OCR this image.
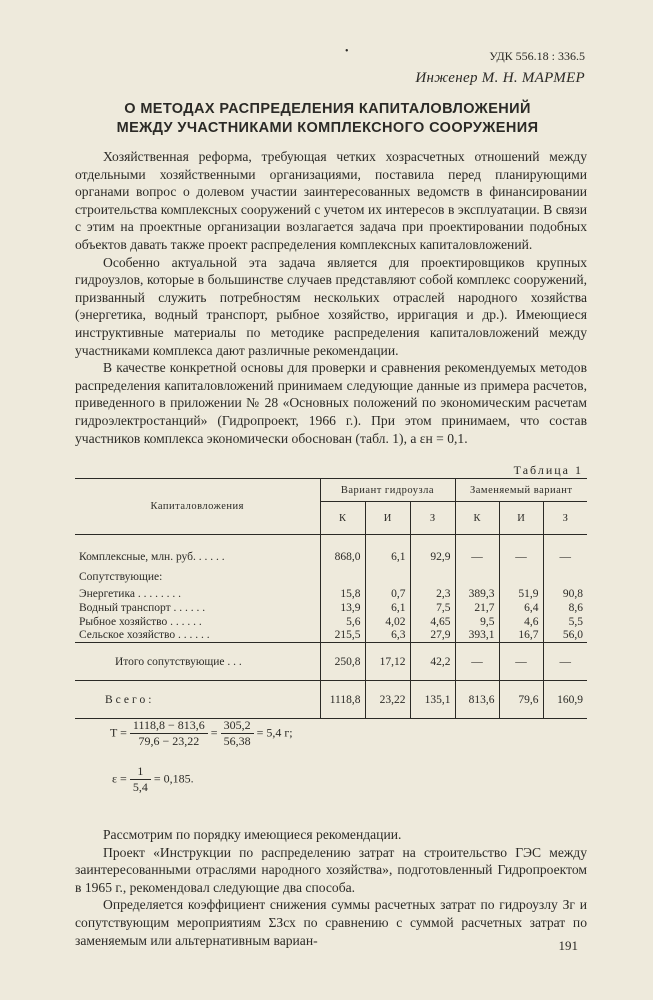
•	УДК 556.18 : 336.5
Инженер М. Н. МАРМЕР
О МЕТОДАХ РАСПРЕДЕЛЕНИЯ КАПИТАЛОВЛОЖЕНИЙ
МЕЖДУ УЧАСТНИКАМИ КОМПЛЕКСНОГО СООРУЖЕНИЯ

Хозяйственная реформа, требующая четких хозрасчетных отношений между отдельными хозяйственными организациями, поставила перед планирующими органами вопрос о долевом участии заинтересованных ведомств в финансировании строительства комплексных сооружений с учетом их интересов в эксплуатации. В связи с этим на проектные организации возлагается задача при проектировании подобных объектов давать также проект распределения комплексных капиталовложений.

Особенно актуальной эта задача является для проектировщиков крупных гидроузлов, которые в большинстве случаев представляют собой комплекс сооружений, призванный служить потребностям нескольких отраслей народного хозяйства (энергетика, водный транспорт, рыбное хозяйство, ирригация и др.). Имеющиеся инструктивные материалы по методике распределения капиталовложений между участниками комплекса дают различные рекомендации.

В качестве конкретной основы для проверки и сравнения рекомендуемых методов распределения капиталовложений принимаем следующие данные из примера расчетов, приведенного в приложении № 28 «Основных положений по экономическим расчетам гидроэлектростанций» (Гидропроект, 1966 г.). При этом принимаем, что состав участников комплекса экономически обоснован (табл. 1), а εн = 0,1.

Таблица 1
Капиталовложения	Вариант гидроузла			Заменяемый вариант		
	К	И	З	К	И	З

Комплексные, млн. руб. . . . . .	868,0	6,1	92,9	—	—	—
Сопутствующие:						
Энергетика . . . . . . . .	15,8	0,7	2,3	389,3	51,9	90,8
Водный транспорт . . . . . .	13,9	6,1	7,5	21,7	6,4	8,6
Рыбное хозяйство . . . . . .	5,6	4,02	4,65	9,5	4,6	5,5
Сельское хозяйство . . . . . .	215,5	6,3	27,9	393,1	16,7	56,0
Итого сопутствующие . . .	250,8	17,12	42,2	—	—	—
Всего:	1118,8	23,22	135,1	813,6	79,6	160,9
$T = \frac{1118,8 - 813,6}{79,6 - 23,22} = \frac{305,2}{56,38} = 5,4$ г;
$\varepsilon = \frac{1}{5,4} = 0,185$.

Рассмотрим по порядку имеющиеся рекомендации.

Проект «Инструкции по распределению затрат на строительство ГЭС между заинтересованными отраслями народного хозяйства», подготовленный Гидропроектом в 1965 г., рекомендовал следующие два способа.

Определяется коэффициент снижения суммы расчетных затрат по гидроузлу Зг и сопутствующим мероприятиям ΣЗсх по сравнению с суммой расчетных затрат по заменяемым или альтернативным вариан-	191
